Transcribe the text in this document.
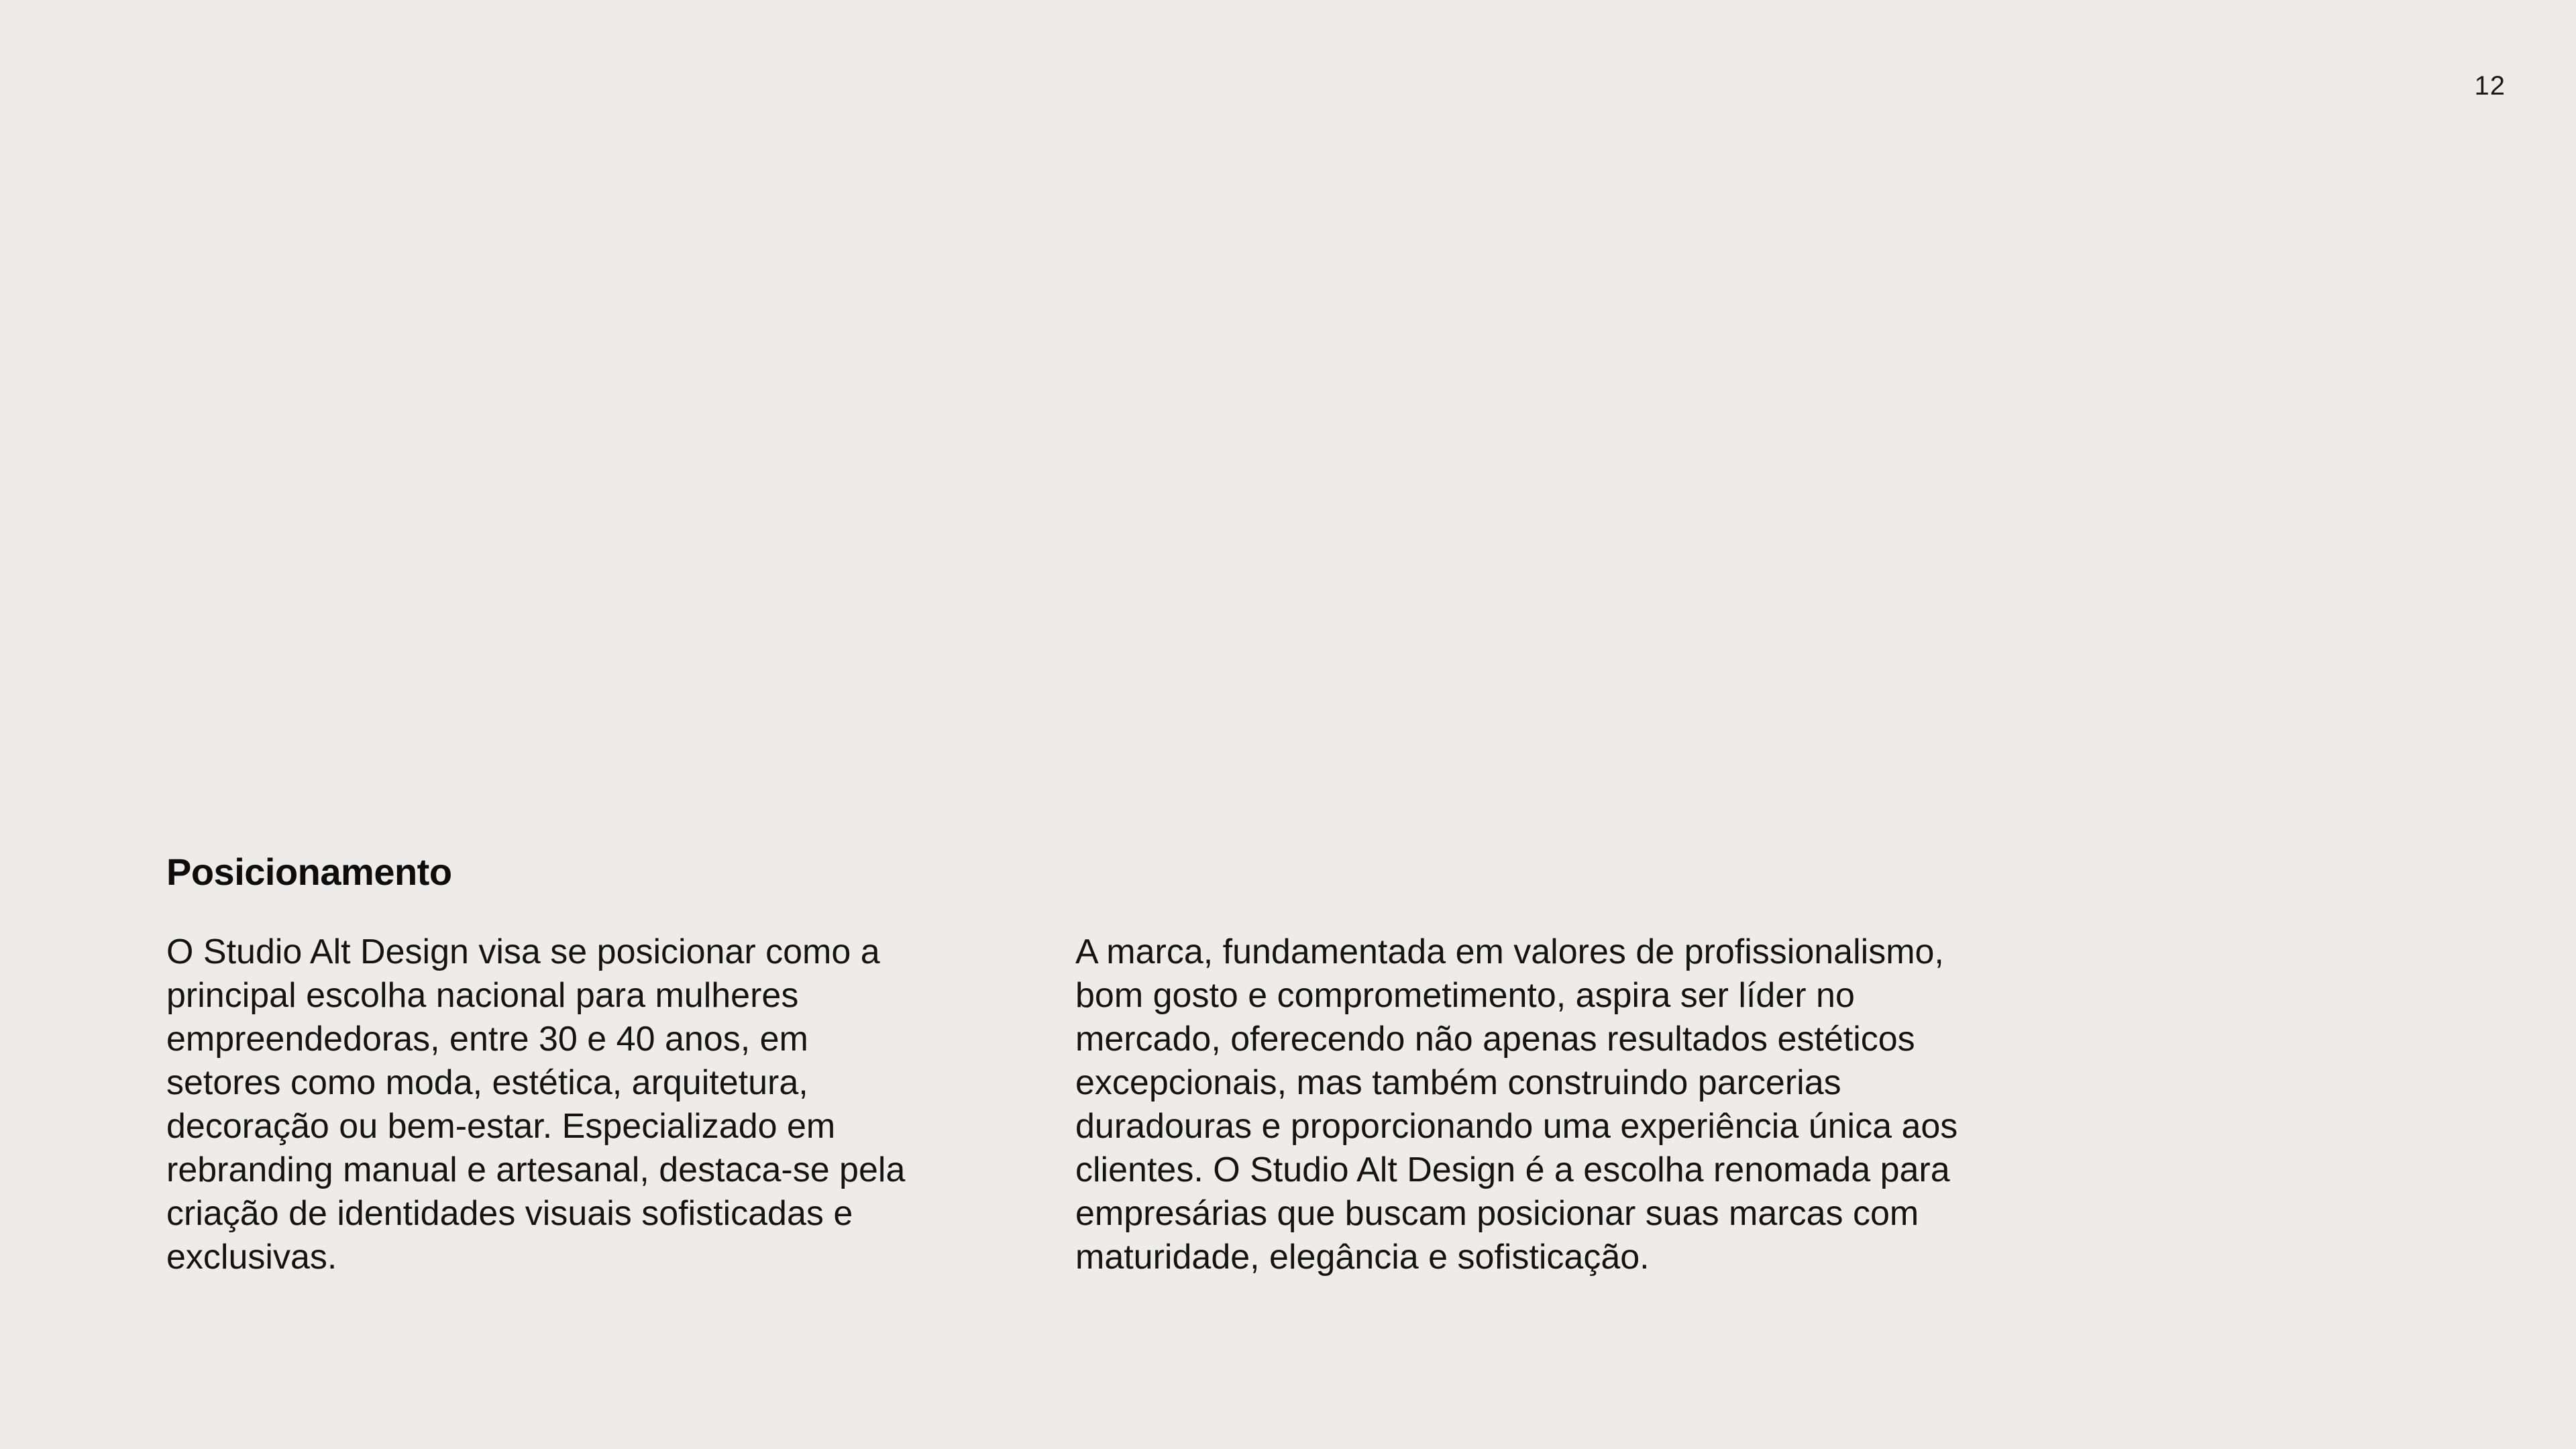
12
Posicionamento

O Studio Alt Design visa se posicionar como a
principal escolha nacional para mulheres
empreendedoras, entre 30 e 40 anos, em
setores como moda, estética, arquitetura,
decoração ou bem-estar. Especializado em
rebranding manual e artesanal, destaca-se pela
criação de identidades visuais sofisticadas e
exclusivas.

A marca, fundamentada em valores de profissionalismo,
bom gosto e comprometimento, aspira ser líder no
mercado, oferecendo não apenas resultados estéticos
excepcionais, mas também construindo parcerias
duradouras e proporcionando uma experiência única aos
clientes. O Studio Alt Design é a escolha renomada para
empresárias que buscam posicionar suas marcas com
maturidade, elegância e sofisticação.
